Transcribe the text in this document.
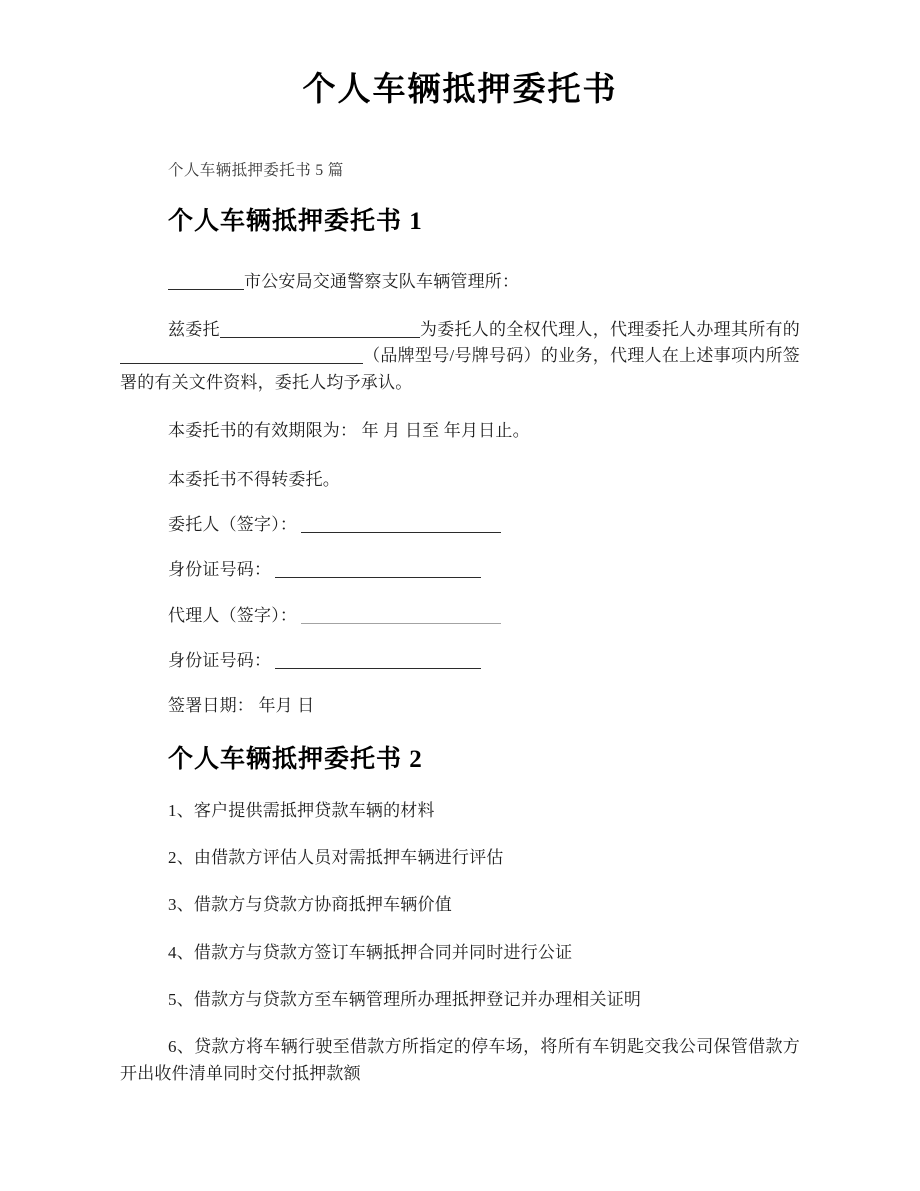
个人车辆抵押委托书

个人车辆抵押委托书 5 篇

个人车辆抵押委托书 1

市公安局交通警察支队车辆管理所：

兹委托	为委托人的全权代理人，代理委托人办理其所有的 （品牌型号/号牌号码）的业务，代理人在上述事项内所签署的有关文件资料，委托人均予承认。

本委托书的有效期限为： 年 月 日至 年月日止。

本委托书不得转委托。

委托人（签字）：

身份证号码：

代理人（签字）：

身份证号码：

签署日期： 年月 日

个人车辆抵押委托书 2

1、客户提供需抵押贷款车辆的材料

2、由借款方评估人员对需抵押车辆进行评估

3、借款方与贷款方协商抵押车辆价值

4、借款方与贷款方签订车辆抵押合同并同时进行公证

5、借款方与贷款方至车辆管理所办理抵押登记并办理相关证明

6、贷款方将车辆行驶至借款方所指定的停车场，将所有车钥匙交我公司保管借款方开出收件清单同时交付抵押款额
